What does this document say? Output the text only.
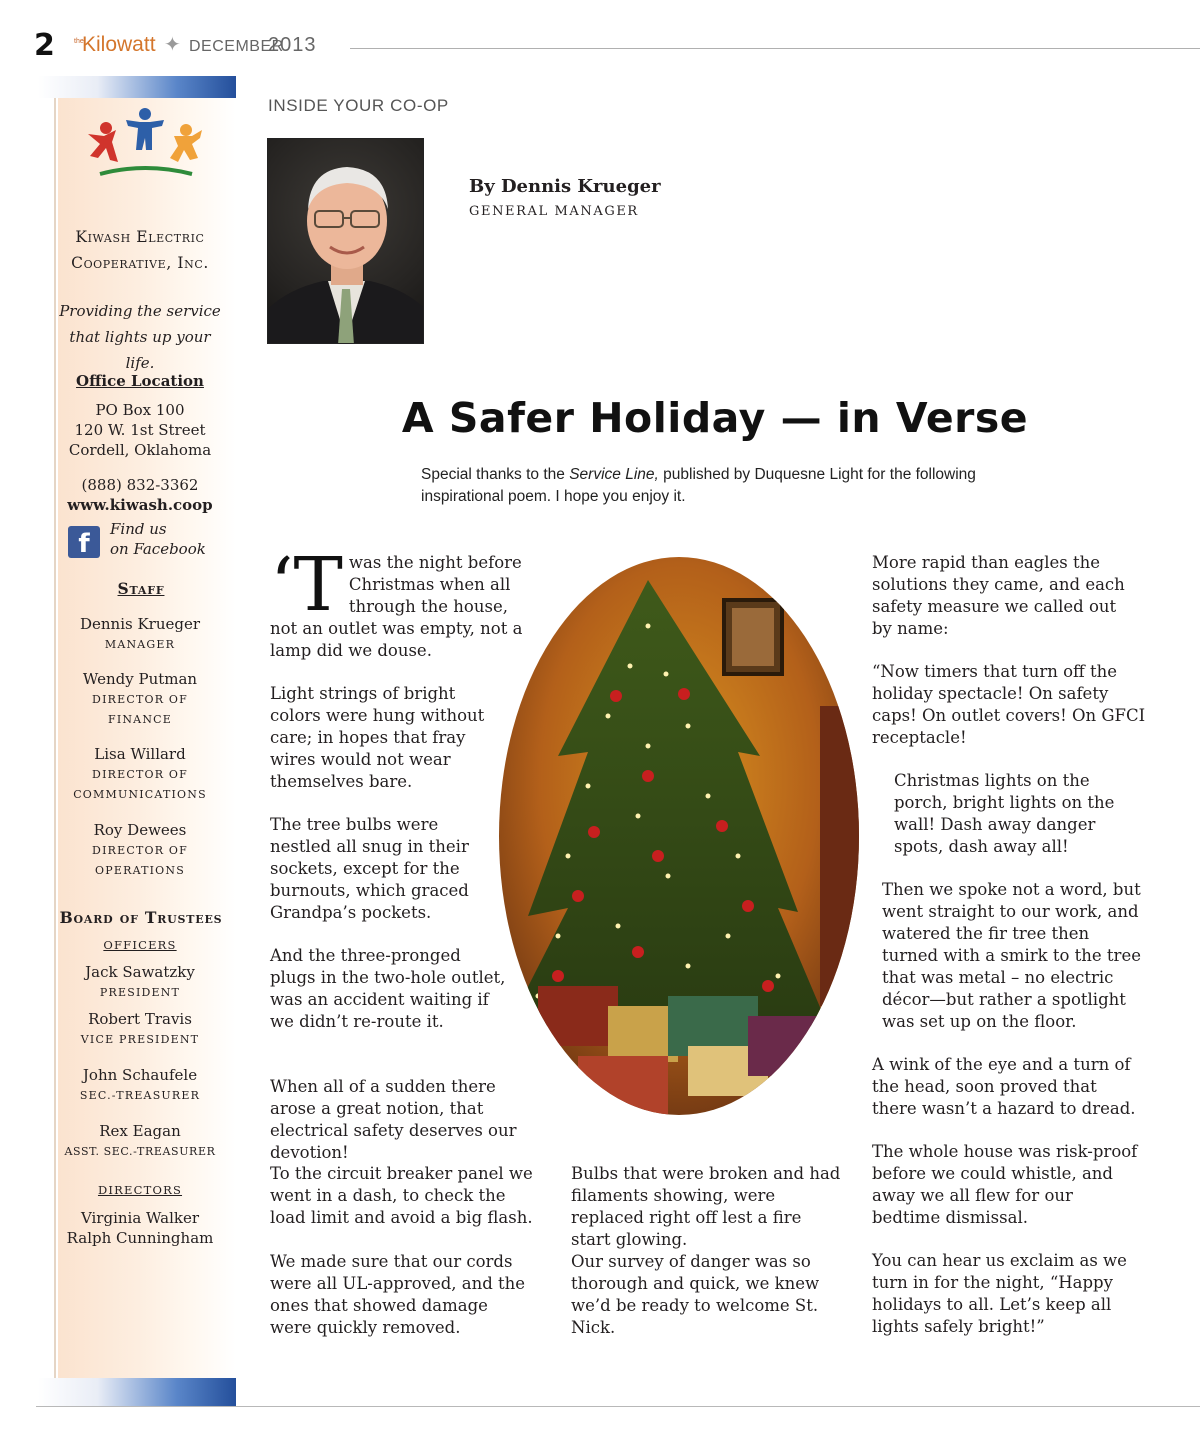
2	the
Kilowatt ✦ DECEMBER
2013
Kiwash Electric
Cooperative, Inc.
Providing the service
that lights up your life.
Office Location
PO Box 100
120 W. 1st Street
Cordell, Oklahoma
(888) 832-3362
www.kiwash.coop
f	Find us
on Facebook
Staff
Dennis Krueger
MANAGER
Wendy Putman
DIRECTOR OF
FINANCE
Lisa Willard
DIRECTOR OF
COMMUNICATIONS
Roy Dewees
DIRECTOR OF
OPERATIONS
Board of Trustees
OFFICERS
Jack Sawatzky
PRESIDENT
Robert Travis
VICE PRESIDENT
John Schaufele
SEC.-TREASURER
Rex Eagan
ASST. SEC.-TREASURER
DIRECTORS
Virginia Walker
Ralph Cunningham
INSIDE YOUR CO-OP
By Dennis Krueger
GENERAL MANAGER
A Safer Holiday — in Verse
Special thanks to the Service Line, published by Duquesne Light for the following inspirational poem. I hope you enjoy it.
‘Twas the night before Christmas when all through the house, not an outlet was empty, not a lamp did we douse.
Light strings of bright colors were hung without care; in hopes that fray wires would not wear themselves bare.
The tree bulbs were nestled all snug in their sockets, except for the burnouts, which graced Grandpa’s pockets.
And the three-pronged plugs in the two-hole outlet, was an accident waiting if we didn’t re-route it.
When all of a sudden there arose a great notion, that electrical safety deserves our devotion!
To the circuit breaker panel we went in a dash, to check the load limit and avoid a big flash.
We made sure that our cords were all UL-approved, and the ones that showed damage were quickly removed.
Bulbs that were broken and had filaments showing, were replaced right off lest a fire start glowing.
Our survey of danger was so thorough and quick, we knew we’d be ready to welcome St. Nick.
More rapid than eagles the solutions they came, and each safety measure we called out by name:
“Now timers that turn off the holiday spectacle! On safety caps! On outlet covers! On GFCI receptacle!
Christmas lights on the porch, bright lights on the wall! Dash away danger spots, dash away all!
Then we spoke not a word, but went straight to our work, and watered the fir tree then turned with a smirk to the tree that was metal – no electric décor—but rather a spotlight was set up on the floor.
A wink of the eye and a turn of the head, soon proved that there wasn’t a hazard to dread.
The whole house was risk-proof before we could whistle, and away we all flew for our bedtime dismissal.
You can hear us exclaim as we turn in for the night, “Happy holidays to all. Let’s keep all lights safely bright!”
